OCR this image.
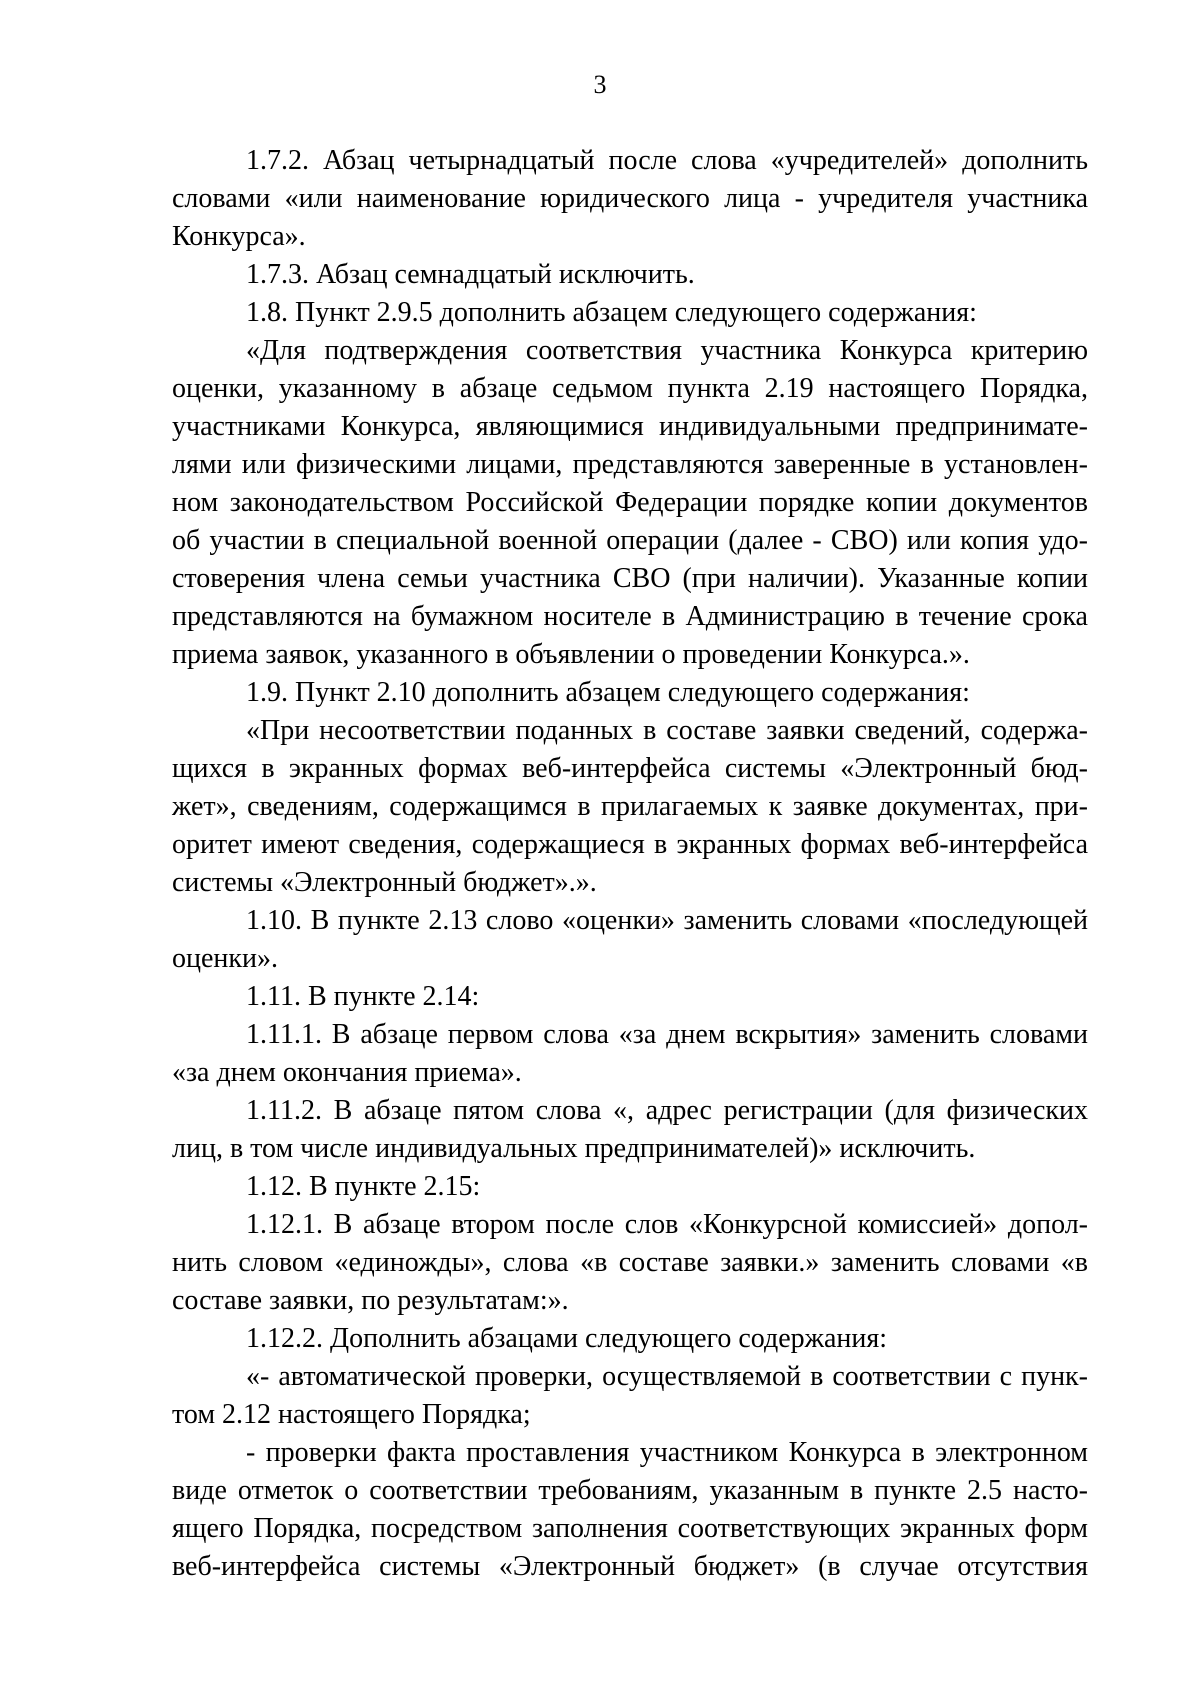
3

1.7.2. Абзац четырнадцатый после слова «учредителей» дополнить словами «или наименование юридического лица - учредителя участника Конкурса».

1.7.3. Абзац семнадцатый исключить.

1.8. Пункт 2.9.5 дополнить абзацем следующего содержания:

«Для подтверждения соответствия участника Конкурса критерию оценки, указанному в абзаце седьмом пункта 2.19 настоящего Порядка, участниками Конкурса, являющимися индивидуальными предпринимателями или физическими лицами, представляются заверенные в установленном законодательством Российской Федерации порядке копии документов об участии в специальной военной операции (далее - СВО) или копия удостоверения члена семьи участника СВО (при наличии). Указанные копии представляются на бумажном носителе в Администрацию в течение срока приема заявок, указанного в объявлении о проведении Конкурса.».

1.9. Пункт 2.10 дополнить абзацем следующего содержания:

«При несоответствии поданных в составе заявки сведений, содержащихся в экранных формах веб-интерфейса системы «Электронный бюджет», сведениям, содержащимся в прилагаемых к заявке документах, приоритет имеют сведения, содержащиеся в экранных формах веб-интерфейса системы «Электронный бюджет».».

1.10. В пункте 2.13 слово «оценки» заменить словами «последующей оценки».

1.11. В пункте 2.14:

1.11.1. В абзаце первом слова «за днем вскрытия» заменить словами «за днем окончания приема».

1.11.2. В абзаце пятом слова «, адрес регистрации (для физических лиц, в том числе индивидуальных предпринимателей)» исключить.

1.12. В пункте 2.15:

1.12.1. В абзаце втором после слов «Конкурсной комиссией» дополнить словом «единожды», слова «в составе заявки.» заменить словами «в составе заявки, по результатам:».

1.12.2. Дополнить абзацами следующего содержания:

«- автоматической проверки, осуществляемой в соответствии с пунктом 2.12 настоящего Порядка;

- проверки факта проставления участником Конкурса в электронном виде отметок о соответствии требованиям, указанным в пункте 2.5 настоящего Порядка, посредством заполнения соответствующих экранных форм веб-интерфейса системы «Электронный бюджет» (в случае отсутствия
